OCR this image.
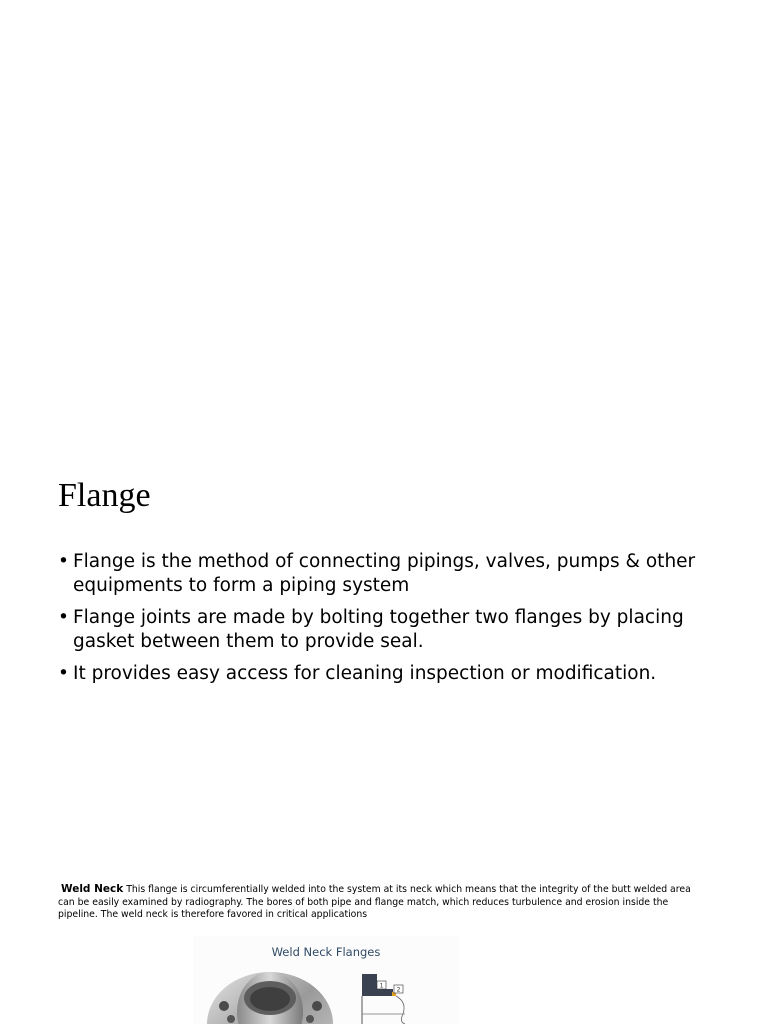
Flange
• Flange is the method of connecting pipings, valves, pumps & other equipments to form a piping system
• Flange joints are made by bolting together two flanges by placing gasket between them to provide seal.
• It provides easy access for cleaning inspection or modification.
Weld Neck This flange is circumferentially welded into the system at its neck which means that the integrity of the butt welded area can be easily examined by radiography. The bores of both pipe and flange match, which reduces turbulence and erosion inside the pipeline. The weld neck is therefore favored in critical applications
Weld Neck Flanges
1
2
